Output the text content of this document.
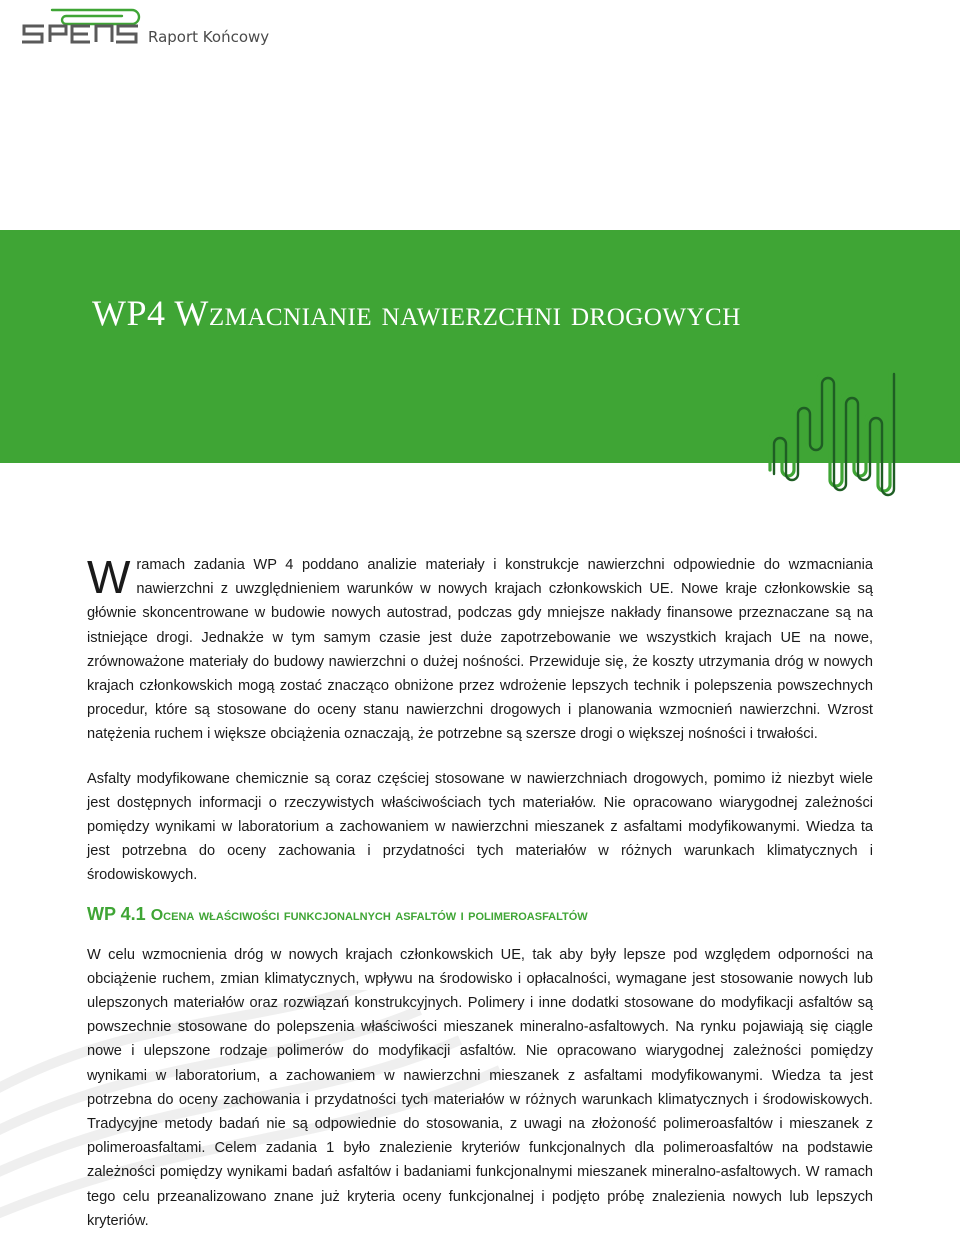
Raport Końcowy
WP4 Wzmacnianie nawierzchni drogowych

Wramach zadania WP 4 poddano analizie materiały i konstrukcje nawierzchni odpowiednie do wzmacniania nawierzchni z uwzględnieniem warunków w nowych krajach członkowskich UE. Nowe kraje członkowskie są głównie skoncentrowane w budowie nowych autostrad, podczas gdy mniejsze nakłady finansowe przeznaczane są na istniejące drogi. Jednakże w tym samym czasie jest duże zapotrzebowanie we wszystkich krajach UE na nowe, zrównoważone materiały do budowy nawierzchni o dużej nośności. Przewiduje się, że koszty utrzymania dróg w nowych krajach członkowskich mogą zostać znacząco obniżone przez wdrożenie lepszych technik i polepszenia powszechnych procedur, które są stosowane do oceny stanu nawierzchni drogowych i planowania wzmocnień nawierzchni. Wzrost natężenia ruchem i większe obciążenia oznaczają, że potrzebne są szersze drogi o większej nośności i trwałości.

Asfalty modyfikowane chemicznie są coraz częściej stosowane w nawierzchniach drogowych, pomimo iż niezbyt wiele jest dostępnych informacji o rzeczywistych właściwościach tych materiałów. Nie opracowano wiarygodnej zależności pomiędzy wynikami w laboratorium a zachowaniem w nawierzchni mieszanek z asfaltami modyfikowanymi. Wiedza ta jest potrzebna do oceny zachowania i przydatności tych materiałów w różnych warunkach klimatycznych i środowiskowych.

WP 4.1 Ocena właściwości funkcjonalnych asfaltów i polimeroasfaltów

W celu wzmocnienia dróg w nowych krajach członkowskich UE, tak aby były lepsze pod względem odporności na obciążenie ruchem, zmian klimatycznych, wpływu na środowisko i opłacalności, wymagane jest stosowanie nowych lub ulepszonych materiałów oraz rozwiązań konstrukcyjnych. Polimery i inne dodatki stosowane do modyfikacji asfaltów są powszechnie stosowane do polepszenia właściwości mieszanek mineralno-asfaltowych. Na rynku pojawiają się ciągle nowe i ulepszone rodzaje polimerów do modyfikacji asfaltów. Nie opracowano wiarygodnej zależności pomiędzy wynikami w laboratorium, a zachowaniem w nawierzchni mieszanek z asfaltami modyfikowanymi. Wiedza ta jest potrzebna do oceny zachowania i przydatności tych materiałów w różnych warunkach klimatycznych i środowiskowych. Tradycyjne metody badań nie są odpowiednie do stosowania, z uwagi na złożoność polimeroasfaltów i mieszanek z polimeroasfaltami. Celem zadania 1 było znalezienie kryteriów funkcjonalnych dla polimeroasfaltów na podstawie zależności pomiędzy wynikami badań asfaltów i badaniami funkcjonalnymi mieszanek mineralno-asfaltowych. W ramach tego celu przeanalizowano znane już kryteria oceny funkcjonalnej i podjęto próbę znalezienia nowych lub lepszych kryteriów.
